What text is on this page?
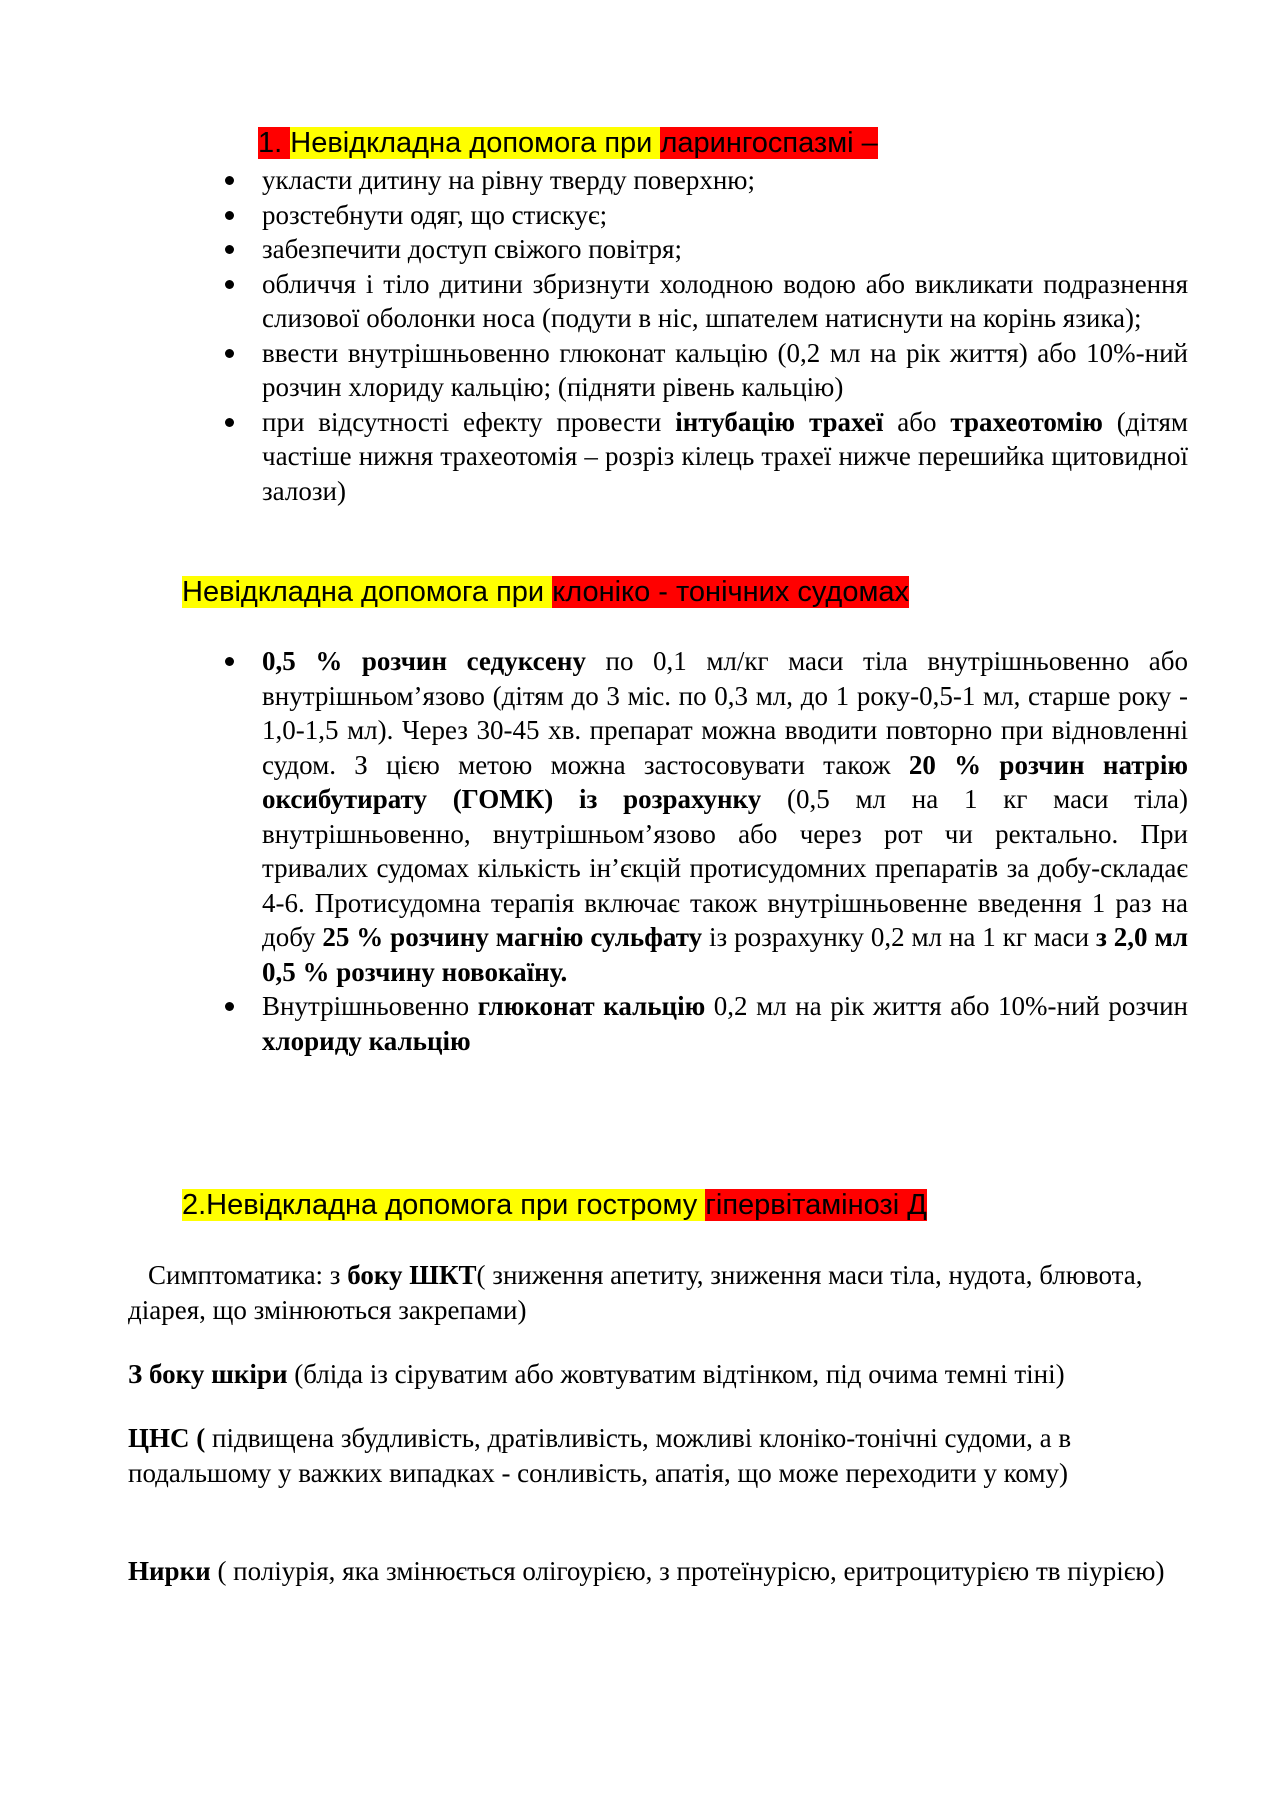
1. Невідкладна допомога при ларингоспазмі –
укласти дитину на рівну тверду поверхню;
розстебнути одяг, що стискує;
забезпечити доступ свіжого повітря;
обличчя і тіло дитини збризнути холодною водою або викликати подразнення слизової оболонки носа (подути в ніс, шпателем натиснути на корінь язика);
ввести внутрішньовенно глюконат кальцію (0,2 мл на рік життя) або 10%-ний розчин хлориду кальцію; (підняти рівень кальцію)
при відсутності ефекту провести інтубацію трахеї або трахеотомію (дітям частіше нижня трахеотомія – розріз кілець трахеї нижче перешийка щитовидної залози)
Невідкладна допомога при клоніко - тонічних судомах
0,5 % розчин седуксену по 0,1 мл/кг маси тіла внутрішньовенно або внутрішньом’язово (дітям до 3 міс. по 0,3 мл, до 1 року-0,5-1 мл, старше року - 1,0-1,5 мл). Через 30-45 хв. препарат можна вводити повторно при відновленні судом. З цією метою можна застосовувати також 20 % розчин натрію оксибутирату (ГОМК) із розрахунку (0,5 мл на 1 кг маси тіла) внутрішньовенно, внутрішньом’язово або через рот чи ректально. При тривалих судомах кількість ін’єкцій протисудомних препаратів за добу-складає 4-6. Протисудомна терапія включає також внутрішньовенне введення 1 раз на добу 25 % розчину магнію сульфату із розрахунку 0,2 мл на 1 кг маси з 2,0 мл 0,5 % розчину новокаїну.
Внутрішньовенно глюконат кальцію 0,2 мл на рік життя або 10%-ний розчин хлориду кальцію
2.Невідкладна допомога при гострому гіпервітамінозі Д

Симптоматика: з боку ШКТ( зниження апетиту, зниження маси тіла, нудота, блювота, діарея, що змінюються закрепами)

З боку шкіри (бліда із сіруватим або жовтуватим відтінком, під очима темні тіні)

ЦНС ( підвищена збудливість, дратівливість, можливі клоніко-тонічні судоми, а в подальшому у важких випадках - сонливість, апатія, що може переходити у кому)

Нирки ( поліурія, яка змінюється олігоурією, з протеїнурісю, еритроцитурією тв піурією)
